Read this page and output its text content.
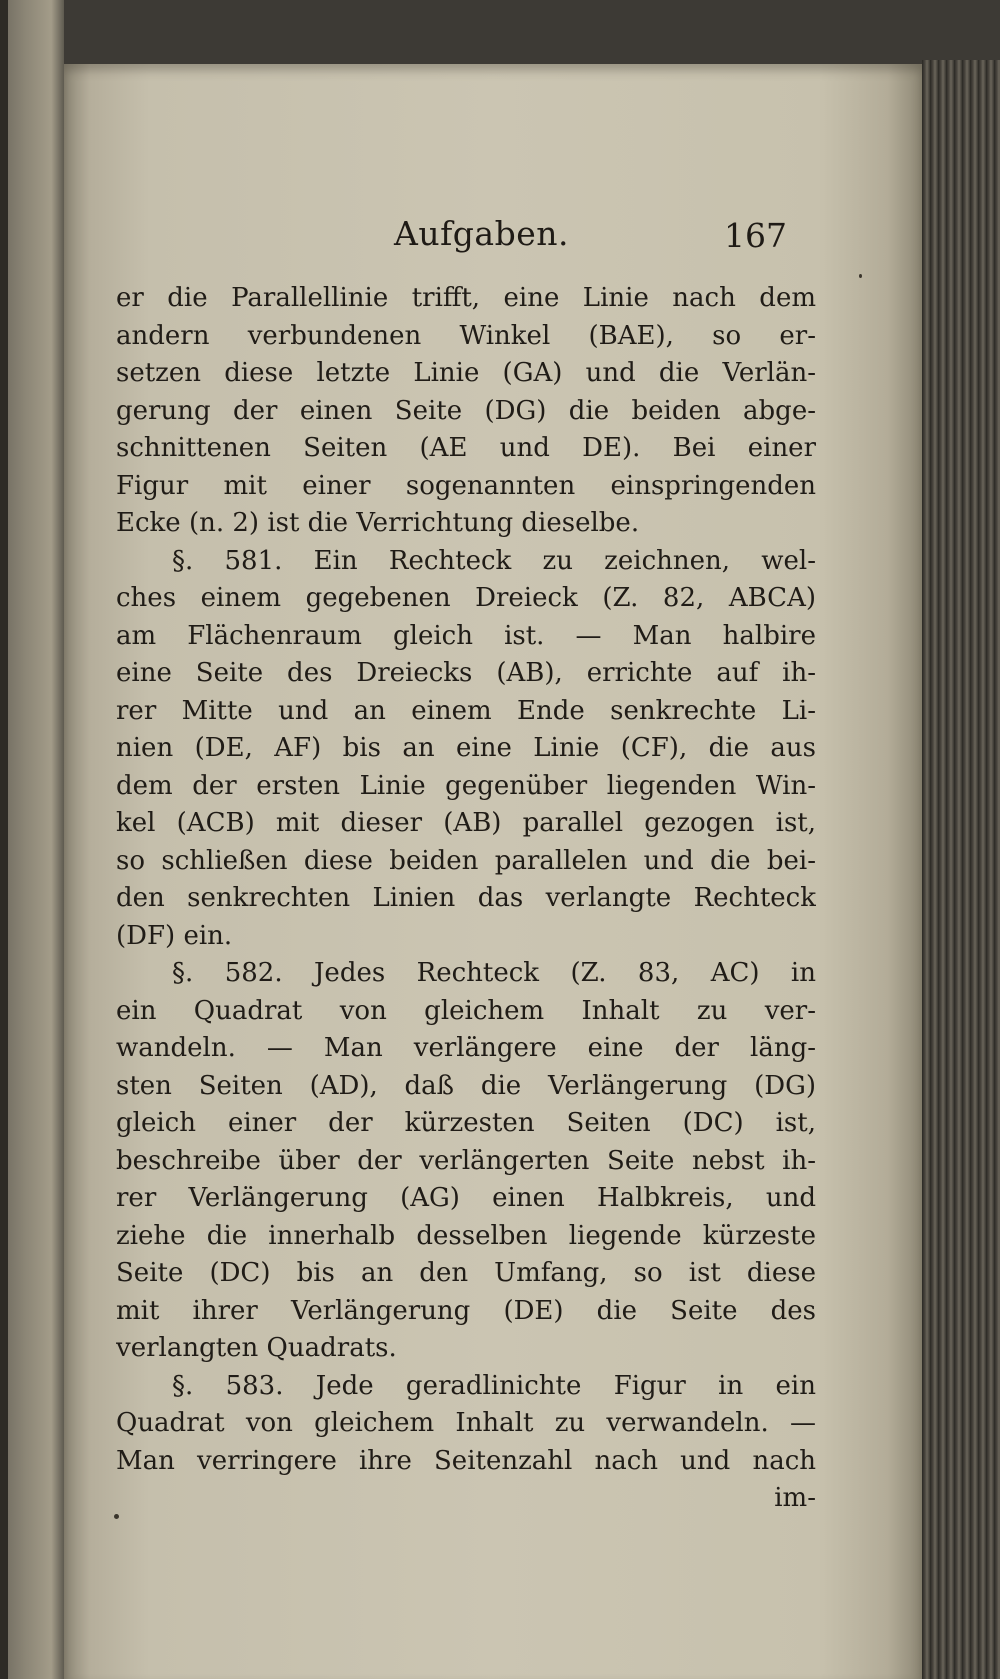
Aufgaben.	167
er die Parallellinie trifft, eine Linie nach dem
andern verbundenen Winkel (BAE), so er-
setzen diese letzte Linie (GA) und die Verlän-
gerung der einen Seite (DG) die beiden abge-
schnittenen Seiten (AE und DE). Bei einer
Figur mit einer sogenannten einspringenden
Ecke (n. 2) ist die Verrichtung dieselbe.
§. 581. Ein Rechteck zu zeichnen, wel-
ches einem gegebenen Dreieck (Z. 82, ABCA)
am Flächenraum gleich ist. — Man halbire
eine Seite des Dreiecks (AB), errichte auf ih-
rer Mitte und an einem Ende senkrechte Li-
nien (DE, AF) bis an eine Linie (CF), die aus
dem der ersten Linie gegenüber liegenden Win-
kel (ACB) mit dieser (AB) parallel gezogen ist,
so schließen diese beiden parallelen und die bei-
den senkrechten Linien das verlangte Rechteck
(DF) ein.
§. 582. Jedes Rechteck (Z. 83, AC) in
ein Quadrat von gleichem Inhalt zu ver-
wandeln. — Man verlängere eine der läng-
sten Seiten (AD), daß die Verlängerung (DG)
gleich einer der kürzesten Seiten (DC) ist,
beschreibe über der verlängerten Seite nebst ih-
rer Verlängerung (AG) einen Halbkreis, und
ziehe die innerhalb desselben liegende kürzeste
Seite (DC) bis an den Umfang, so ist diese
mit ihrer Verlängerung (DE) die Seite des
verlangten Quadrats.
§. 583. Jede geradlinichte Figur in ein
Quadrat von gleichem Inhalt zu verwandeln. —
Man verringere ihre Seitenzahl nach und nach
im-
